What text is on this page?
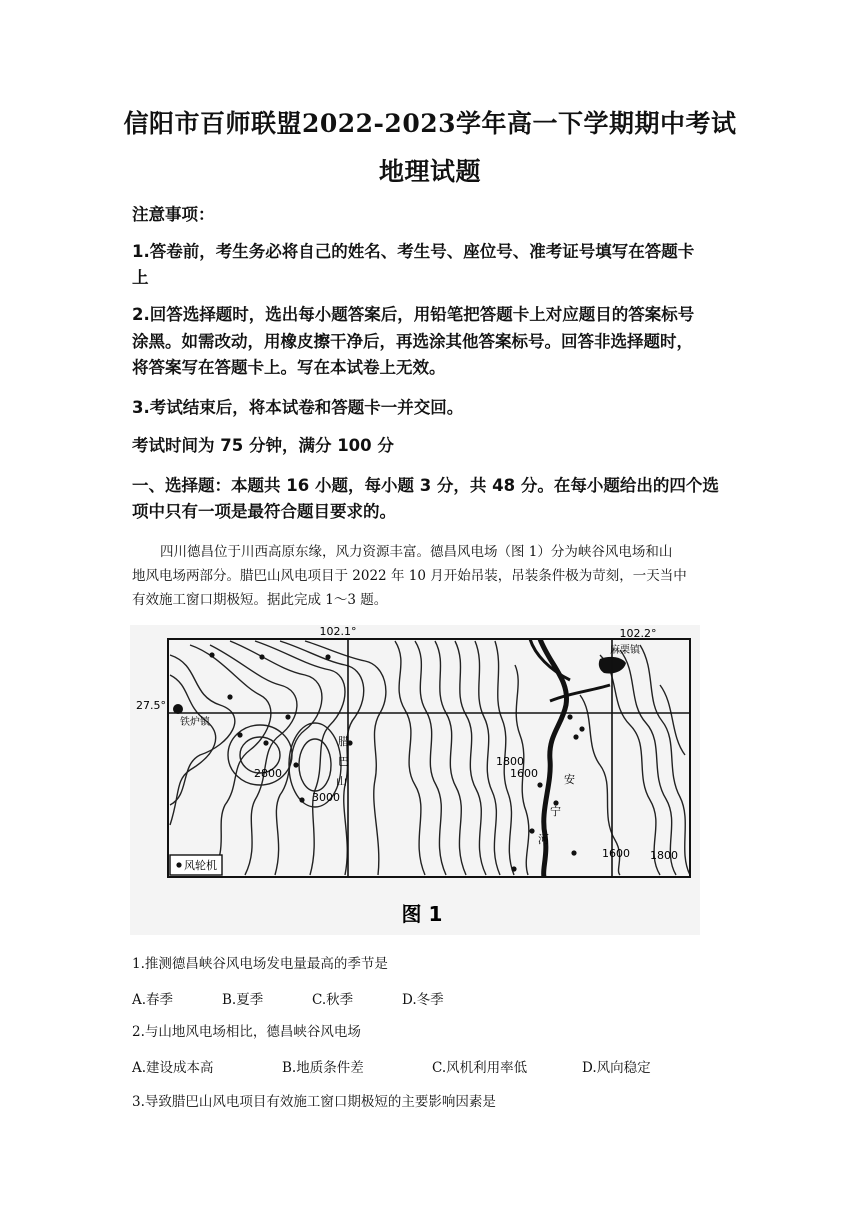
信阳市百师联盟2022-2023学年高一下学期期中考试
地理试题
注意事项：
1.答卷前，考生务必将自己的姓名、考生号、座位号、准考证号填写在答题卡
上
2.回答选择题时，选出每小题答案后，用铅笔把答题卡上对应题目的答案标号
涂黑。如需改动，用橡皮擦干净后，再选涂其他答案标号。回答非选择题时，
将答案写在答题卡上。写在本试卷上无效。
3.考试结束后，将本试卷和答题卡一并交回。
考试时间为 75 分钟，满分 100 分
一、选择题：本题共 16 小题，每小题 3 分，共 48 分。在每小题给出的四个选
项中只有一项是最符合题目要求的。
四川德昌位于川西高原东缘，风力资源丰富。德昌风电场（图 1）分为峡谷风电场和山
地风电场两部分。腊巴山风电项目于 2022 年 10 月开始吊装，吊装条件极为苛刻，一天当中
有效施工窗口期极短。据此完成 1～3 题。
102.1°	102.2°
27.5°
铁炉镇
麻栗镇
腊
巴
山	安
宁
河
2800
3000
1800
1600
1600 1800
风轮机
图 1
1.推测德昌峡谷风电场发电量最高的季节是
A.春季	B.夏季	C.秋季	D.冬季
2.与山地风电场相比，德昌峡谷风电场
A.建设成本高	B.地质条件差	C.风机利用率低	D.风向稳定
3.导致腊巴山风电项目有效施工窗口期极短的主要影响因素是
